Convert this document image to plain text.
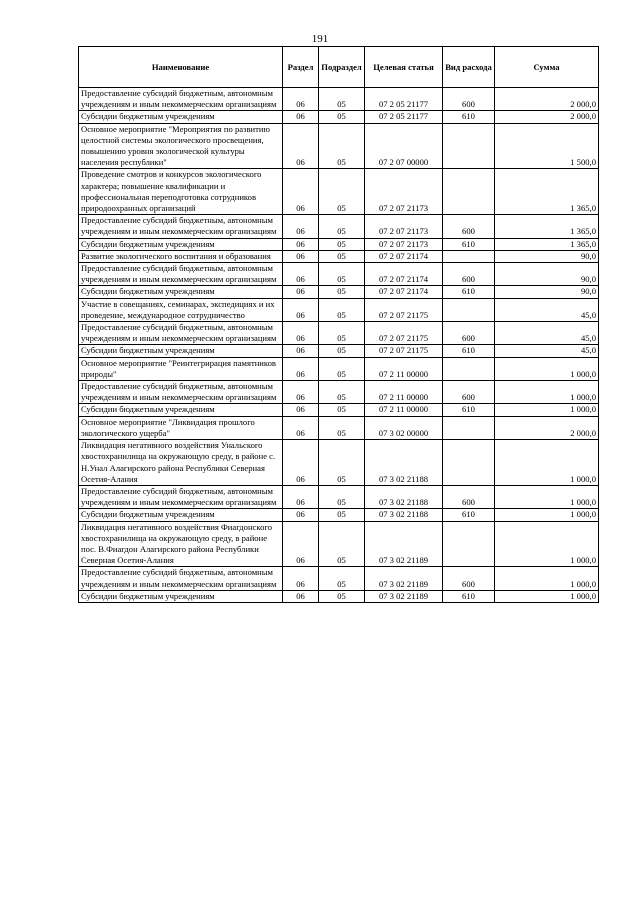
191
Наименование	Раздел	Подраздел	Целевая статья	Вид расхода	Сумма
Предоставление субсидий бюджетным, автономным учреждениям и иным некоммерческим организациям	06	05	07 2 05 21177	600	2 000,0
Субсидии бюджетным учреждениям	06	05	07 2 05 21177	610	2 000,0
Основное мероприятие "Мероприятия по развитию целостной системы экологического просвещения, повышению уровня экологической культуры населения республики"	06	05	07 2 07 00000		1 500,0
Проведение смотров и конкурсов экологического характера; повышение квалификации и профессиональная переподготовка сотрудников природоохранных организаций	06	05	07 2 07 21173		1 365,0
Предоставление субсидий бюджетным, автономным учреждениям и иным некоммерческим организациям	06	05	07 2 07 21173	600	1 365,0
Субсидии бюджетным учреждениям	06	05	07 2 07 21173	610	1 365,0
Развитие экологического воспитания и образования	06	05	07 2 07 21174		90,0
Предоставление субсидий бюджетным, автономным учреждениям и иным некоммерческим организациям	06	05	07 2 07 21174	600	90,0
Субсидии бюджетным учреждениям	06	05	07 2 07 21174	610	90,0
Участие в совещаниях, семинарах, экспедициях и их проведение, международное сотрудничество	06	05	07 2 07 21175		45,0
Предоставление субсидий бюджетным, автономным учреждениям и иным некоммерческим организациям	06	05	07 2 07 21175	600	45,0
Субсидии бюджетным учреждениям	06	05	07 2 07 21175	610	45,0
Основное мероприятие "Реинтегрирация памятников природы"	06	05	07 2 11 00000		1 000,0
Предоставление субсидий бюджетным, автономным учреждениям и иным некоммерческим организациям	06	05	07 2 11 00000	600	1 000,0
Субсидии бюджетным учреждениям	06	05	07 2 11 00000	610	1 000,0
Основное мероприятие "Ликвидация прошлого экологического ущерба"	06	05	07 3 02 00000		2 000,0
Ликвидация негативного воздействия Унальского хвостохранилища на окружающую среду, в районе с. Н.Унал Алагирского района Республики Северная Осетия-Алания	06	05	07 3 02 21188		1 000,0
Предоставление субсидий бюджетным, автономным учреждениям и иным некоммерческим организациям	06	05	07 3 02 21188	600	1 000,0
Субсидии бюджетным учреждениям	06	05	07 3 02 21188	610	1 000,0
Ликвидация негативного воздействия Фиагдонского хвостохранилища на окружающую среду, в районе пос. В.Фиагдон Алагирского района Республики Северная Осетия-Алания	06	05	07 3 02 21189		1 000,0
Предоставление субсидий бюджетным, автономным учреждениям и иным некоммерческим организациям	06	05	07 3 02 21189	600	1 000,0
Субсидии бюджетным учреждениям	06	05	07 3 02 21189	610	1 000,0
